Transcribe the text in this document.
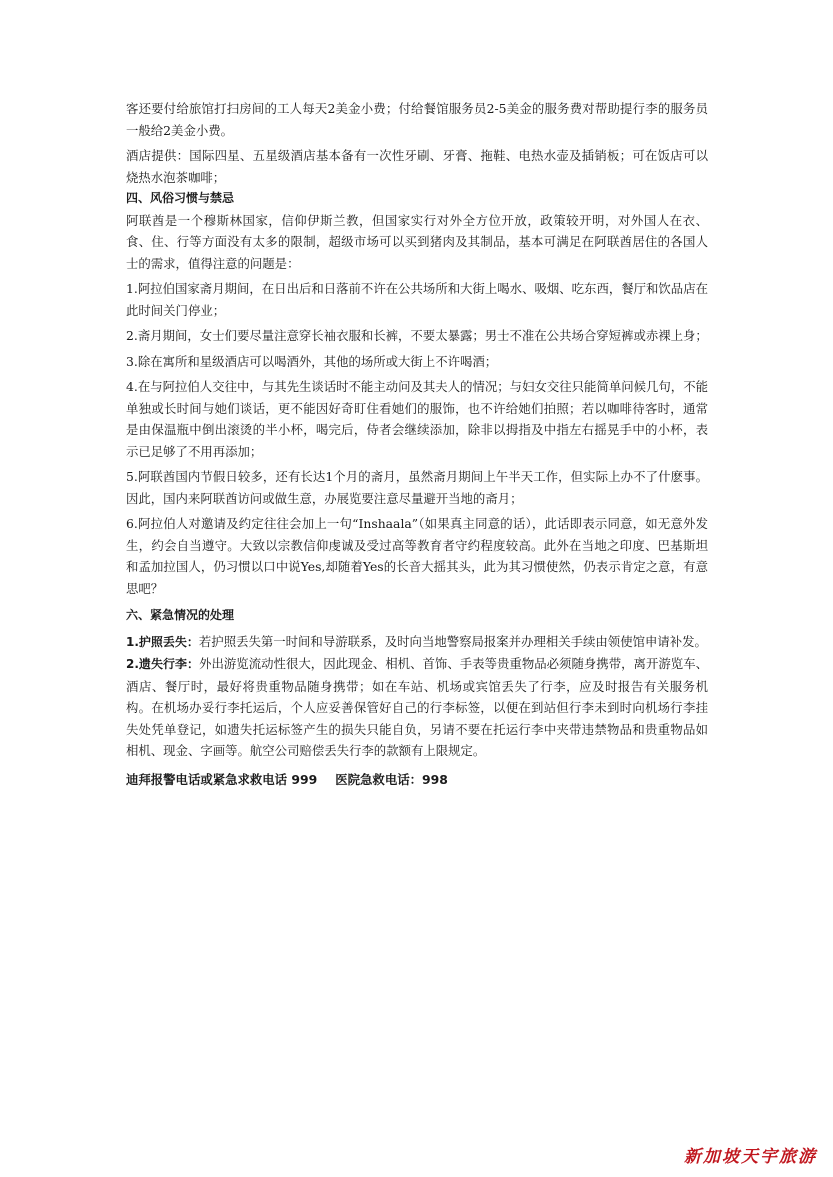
客还要付给旅馆打扫房间的工人每天2美金小费；付给餐馆服务员2-5美金的服务费对帮助提行李的服务员一般给2美金小费。

酒店提供：国际四星、五星级酒店基本备有一次性牙刷、牙膏、拖鞋、电热水壶及插销板；可在饭店可以烧热水泡茶咖啡；

四、风俗习惯与禁忌

阿联酋是一个穆斯林国家，信仰伊斯兰教，但国家实行对外全方位开放，政策较开明，对外国人在衣、食、住、行等方面没有太多的限制，超级市场可以买到猪肉及其制品，基本可满足在阿联酋居住的各国人士的需求，值得注意的问题是：

1.阿拉伯国家斋月期间，在日出后和日落前不许在公共场所和大街上喝水、吸烟、吃东西，餐厅和饮品店在此时间关门停业；

2.斋月期间，女士们要尽量注意穿长袖衣服和长裤，不要太暴露；男士不准在公共场合穿短裤或赤裸上身；

3.除在寓所和星级酒店可以喝酒外，其他的场所或大街上不许喝酒；

4.在与阿拉伯人交往中，与其先生谈话时不能主动问及其夫人的情况；与妇女交往只能简单问候几句，不能单独或长时间与她们谈话，更不能因好奇盯住看她们的服饰，也不许给她们拍照；若以咖啡待客时，通常是由保温瓶中倒出滚烫的半小杯，喝完后，侍者会继续添加，除非以拇指及中指左右摇晃手中的小杯，表示已足够了不用再添加；

5.阿联酋国内节假日较多，还有长达1个月的斋月，虽然斋月期间上午半天工作，但实际上办不了什麽事。因此，国内来阿联酋访问或做生意，办展览要注意尽量避开当地的斋月；

6.阿拉伯人对邀请及约定往往会加上一句“Inshaala”（如果真主同意的话），此话即表示同意，如无意外发生，约会自当遵守。大致以宗教信仰虔诚及受过高等教育者守约程度较高。此外在当地之印度、巴基斯坦和孟加拉国人，仍习惯以口中说Yes,却随着Yes的长音大摇其头，此为其习惯使然，仍表示肯定之意，有意思吧？

六、紧急情况的处理

1.护照丢失：若护照丢失第一时间和导游联系，及时向当地警察局报案并办理相关手续由领使馆申请补发。

2.遗失行李：外出游览流动性很大，因此现金、相机、首饰、手表等贵重物品必须随身携带，离开游览车、酒店、餐厅时，最好将贵重物品随身携带；如在车站、机场或宾馆丢失了行李，应及时报告有关服务机构。在机场办妥行李托运后，个人应妥善保管好自己的行李标签，以便在到站但行李未到时向机场行李挂失处凭单登记，如遗失托运标签产生的损失只能自负，另请不要在托运行李中夹带违禁物品和贵重物品如相机、现金、字画等。航空公司赔偿丢失行李的款额有上限规定。

迪拜报警电话或紧急求救电话 999 医院急救电话：998
新加坡天宇旅游
